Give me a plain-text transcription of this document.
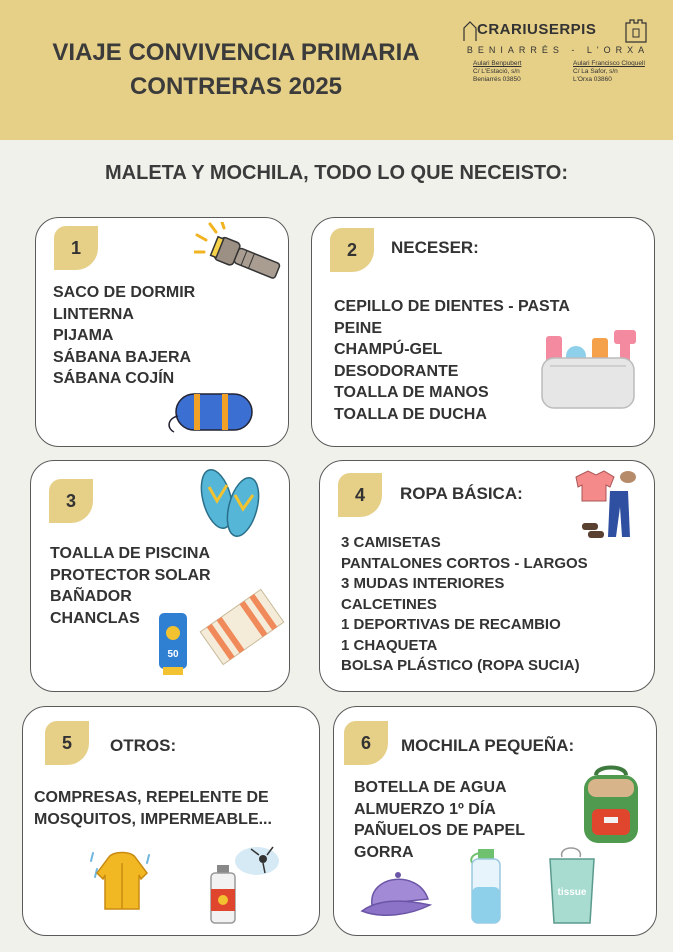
VIAJE CONVIVENCIA PRIMARIA
CONTRERAS 2025
CRARIUSERPIS
BENIARRÉS - L'ORXA
Aulari Benpubert
C/ L'Estació, s/n
Beniarrés 03850
Aulari Francisco Cloquell
C/ La Safor, s/n
L'Orxa 03860
MALETA Y MOCHILA, TODO LO QUE NECEISTO:
1
SACO DE DORMIR
LINTERNA
PIJAMA
SÁBANA BAJERA
SÁBANA COJÍN
2	NECESER:
CEPILLO DE DIENTES - PASTA
PEINE
CHAMPÚ-GEL
DESODORANTE
TOALLA DE MANOS
TOALLA DE DUCHA
3
TOALLA DE PISCINA
PROTECTOR SOLAR
BAÑADOR
CHANCLAS
50
4	ROPA BÁSICA:
3 CAMISETAS
PANTALONES CORTOS - LARGOS
3 MUDAS INTERIORES
CALCETINES
1 DEPORTIVAS DE RECAMBIO
1 CHAQUETA
BOLSA PLÁSTICO (ROPA SUCIA)
5	OTROS:
COMPRESAS, REPELENTE DE
MOSQUITOS, IMPERMEABLE...
6	MOCHILA PEQUEÑA:
BOTELLA DE AGUA
ALMUERZO 1º DÍA
PAÑUELOS DE PAPEL
GORRA
tissue
